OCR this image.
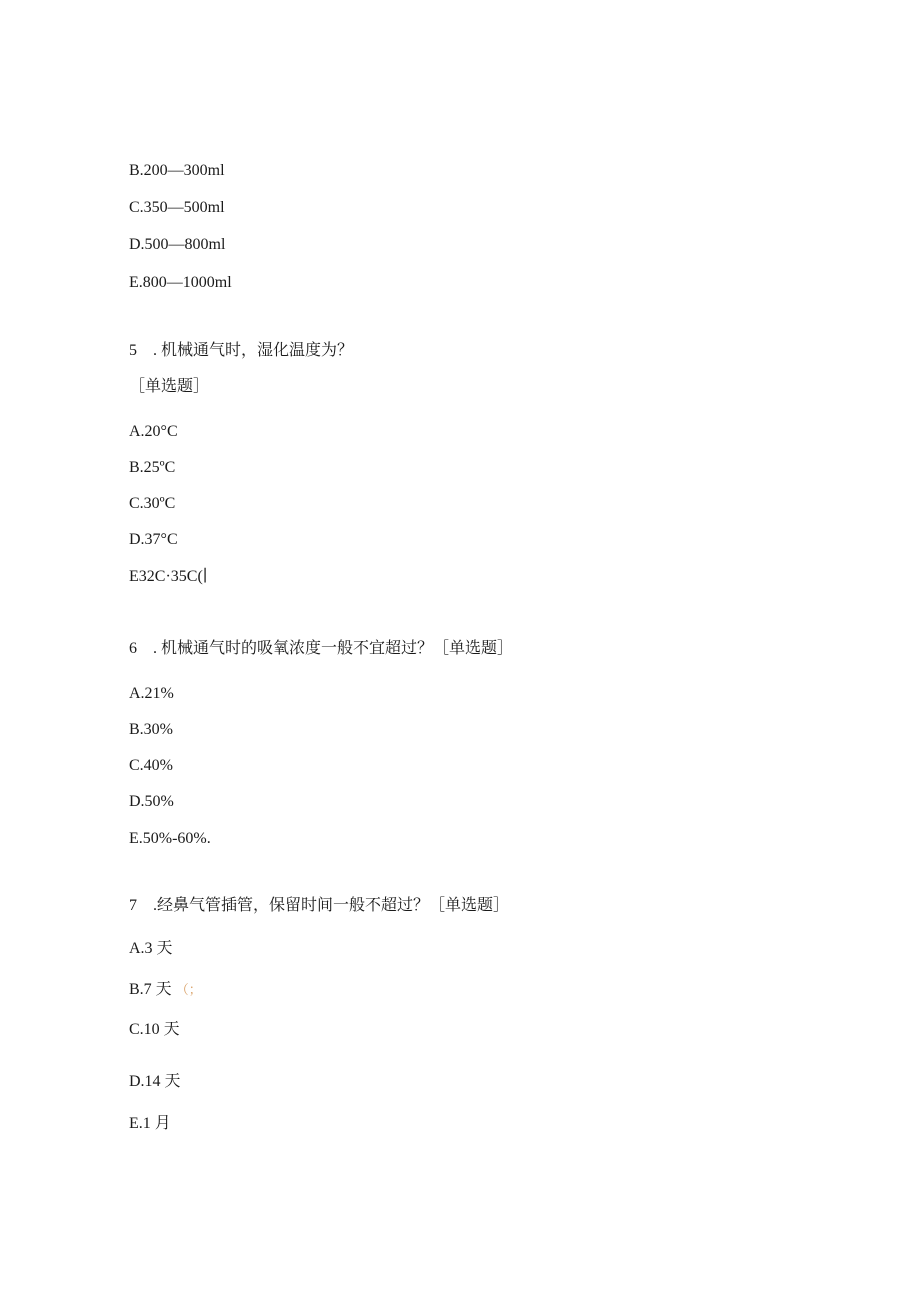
B.200—300ml
C.350—500ml
D.500—800ml
E.800—1000ml
5 . 机械通气时，湿化温度为？
［单选题］
A.20°C
B.25ºC
C.30ºC
D.37°C
E32C·35C(∣
6 . 机械通气时的吸氧浓度一般不宜超过？［单选题］
A.21%
B.30%
C.40%
D.50%
E.50%-60%.
7 .经鼻气管插管，保留时间一般不超过？［单选题］
A.3 天
B.7 天 （；
C.10 天
D.14 天
E.1 月
